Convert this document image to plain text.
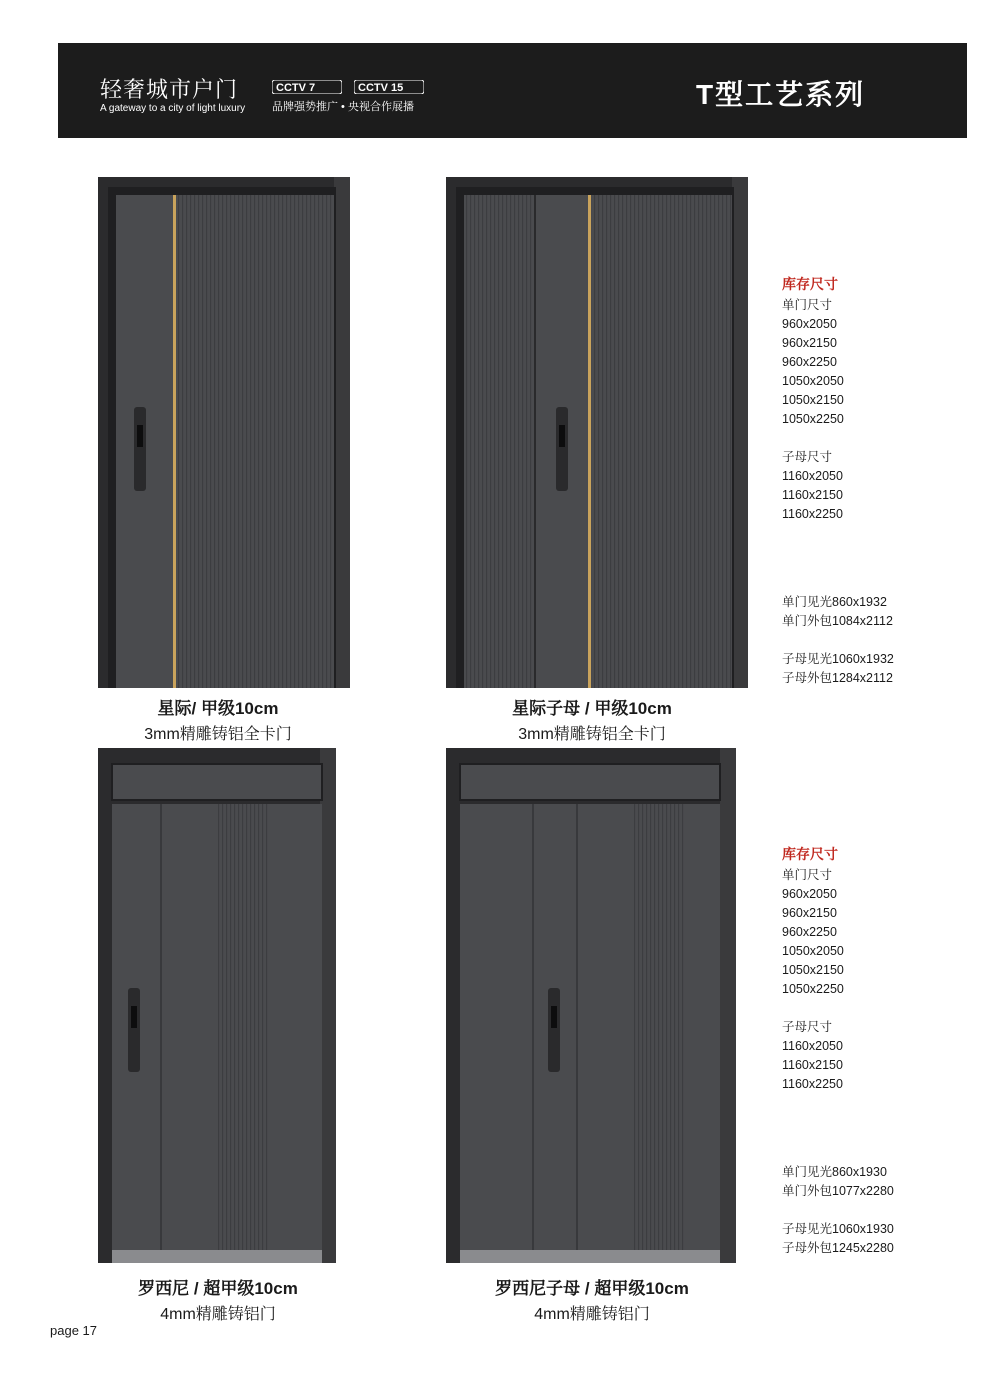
轻奢城市户门
A gateway to a city of light luxury
CCTV 7	CCTV 15
品牌强势推广 • 央视合作展播	T型工艺系列
星际/ 甲级10cm
3mm精雕铸铝全卡门
星际子母 / 甲级10cm
3mm精雕铸铝全卡门
罗西尼 / 超甲级10cm
4mm精雕铸铝门
罗西尼子母 / 超甲级10cm
4mm精雕铸铝门
库存尺寸
单门尺寸
960x2050
960x2150
960x2250
1050x2050
1050x2150
1050x2250
子母尺寸
1160x2050
1160x2150
1160x2250
单门见光860x1932
单门外包1084x2112
子母见光1060x1932
子母外包1284x2112
库存尺寸
单门尺寸
960x2050
960x2150
960x2250
1050x2050
1050x2150
1050x2250
子母尺寸
1160x2050
1160x2150
1160x2250
单门见光860x1930
单门外包1077x2280
子母见光1060x1930
子母外包1245x2280
page 17
